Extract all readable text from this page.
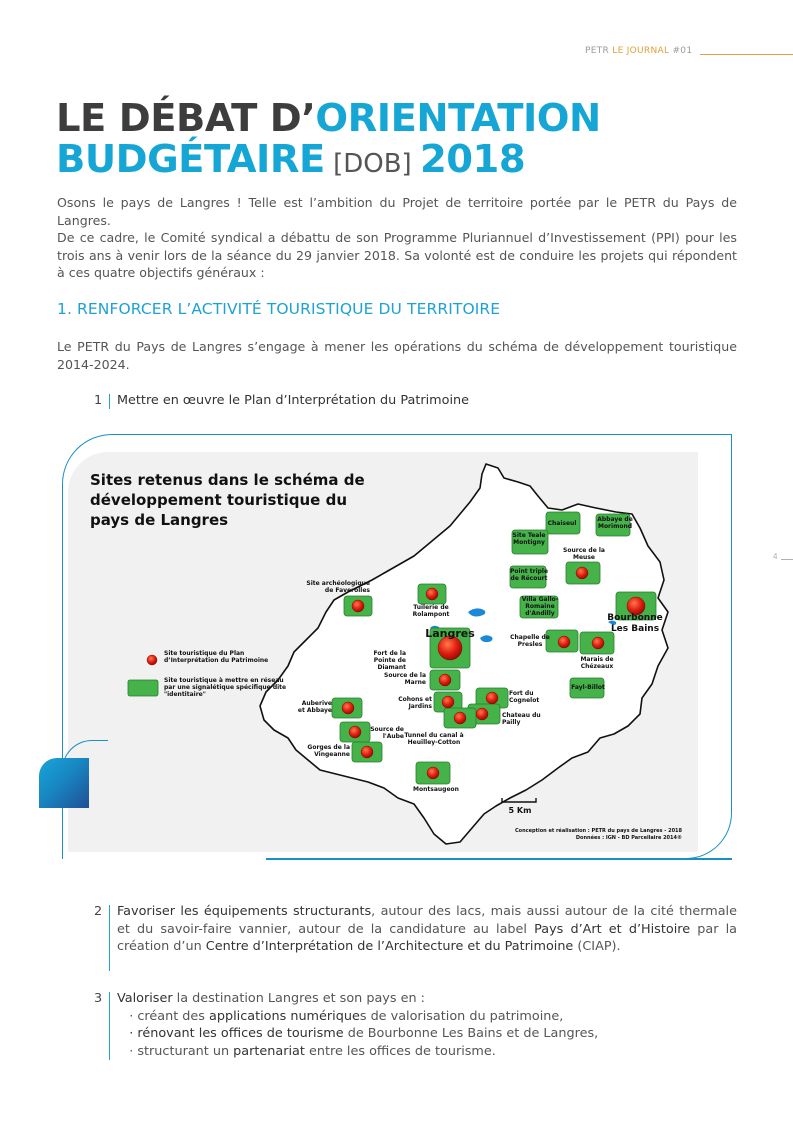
PETR LE JOURNAL #01
4
LE DÉBAT D’ORIENTATION
BUDGÉTAIRE [DOB] 2018

Osons le pays de Langres ! Telle est l’ambition du Projet de territoire portée par le PETR du Pays de Langres.

De ce cadre, le Comité syndical a débattu de son Programme Pluriannuel d’Investissement (PPI) pour les trois ans à venir lors de la séance du 29 janvier 2018. Sa volonté est de conduire les projets qui répondent à ces quatre objectifs généraux :

1. RENFORCER L’ACTIVITÉ TOURISTIQUE DU TERRITOIRE
Le PETR du Pays de Langres s’engage à mener les opérations du schéma de développement touristique 2014-2024.
1	Mettre en œuvre le Plan d’Interprétation du Patrimoine
Sites retenus dans le schéma de développement touristique du pays de Langres
Site touristique du Plan d’Interprétation du Patrimoine
Site touristique à mettre en réseau par une signalétique spécifique dite "identitaire"
Chaiseul
Abbaye de Morimond
Site Teale Montigny
Source de la Meuse
Point triple de Récourt
Villa Gallo-Romaine d'Andilly	Bourbonne Les Bains
Chapelle de Presles
Marais de Chézeaux
Fayl-Billot
Site archéologique de Faverolles
Tuilerie de Rolampont
Langres
Fort de la Pointe de Diamant
Source de la Marne
Cohons et Jardins
Fort du Cognelot
Chateau du Pailly
Auberive et Abbaye
Source de l'Aube Tunnel du canal à Heuilley-Cotton
Gorges de la Vingeanne
Montsaugeon
5 Km
Conception et réalisation : PETR du pays de Langres - 2018
Données : IGN - BD Parcellaire 2014®
2	Favoriser les équipements structurants, autour des lacs, mais aussi autour de la cité thermale et du savoir-faire vannier, autour de la candidature au label Pays d’Art et d’Histoire par la création d’un Centre d’Interprétation de l’Architecture et du Patrimoine (CIAP).
3	Valoriser la destination Langres et son pays en :
· créant des applications numériques de valorisation du patrimoine,
· rénovant les offices de tourisme de Bourbonne Les Bains et de Langres,
· structurant un partenariat entre les offices de tourisme.
